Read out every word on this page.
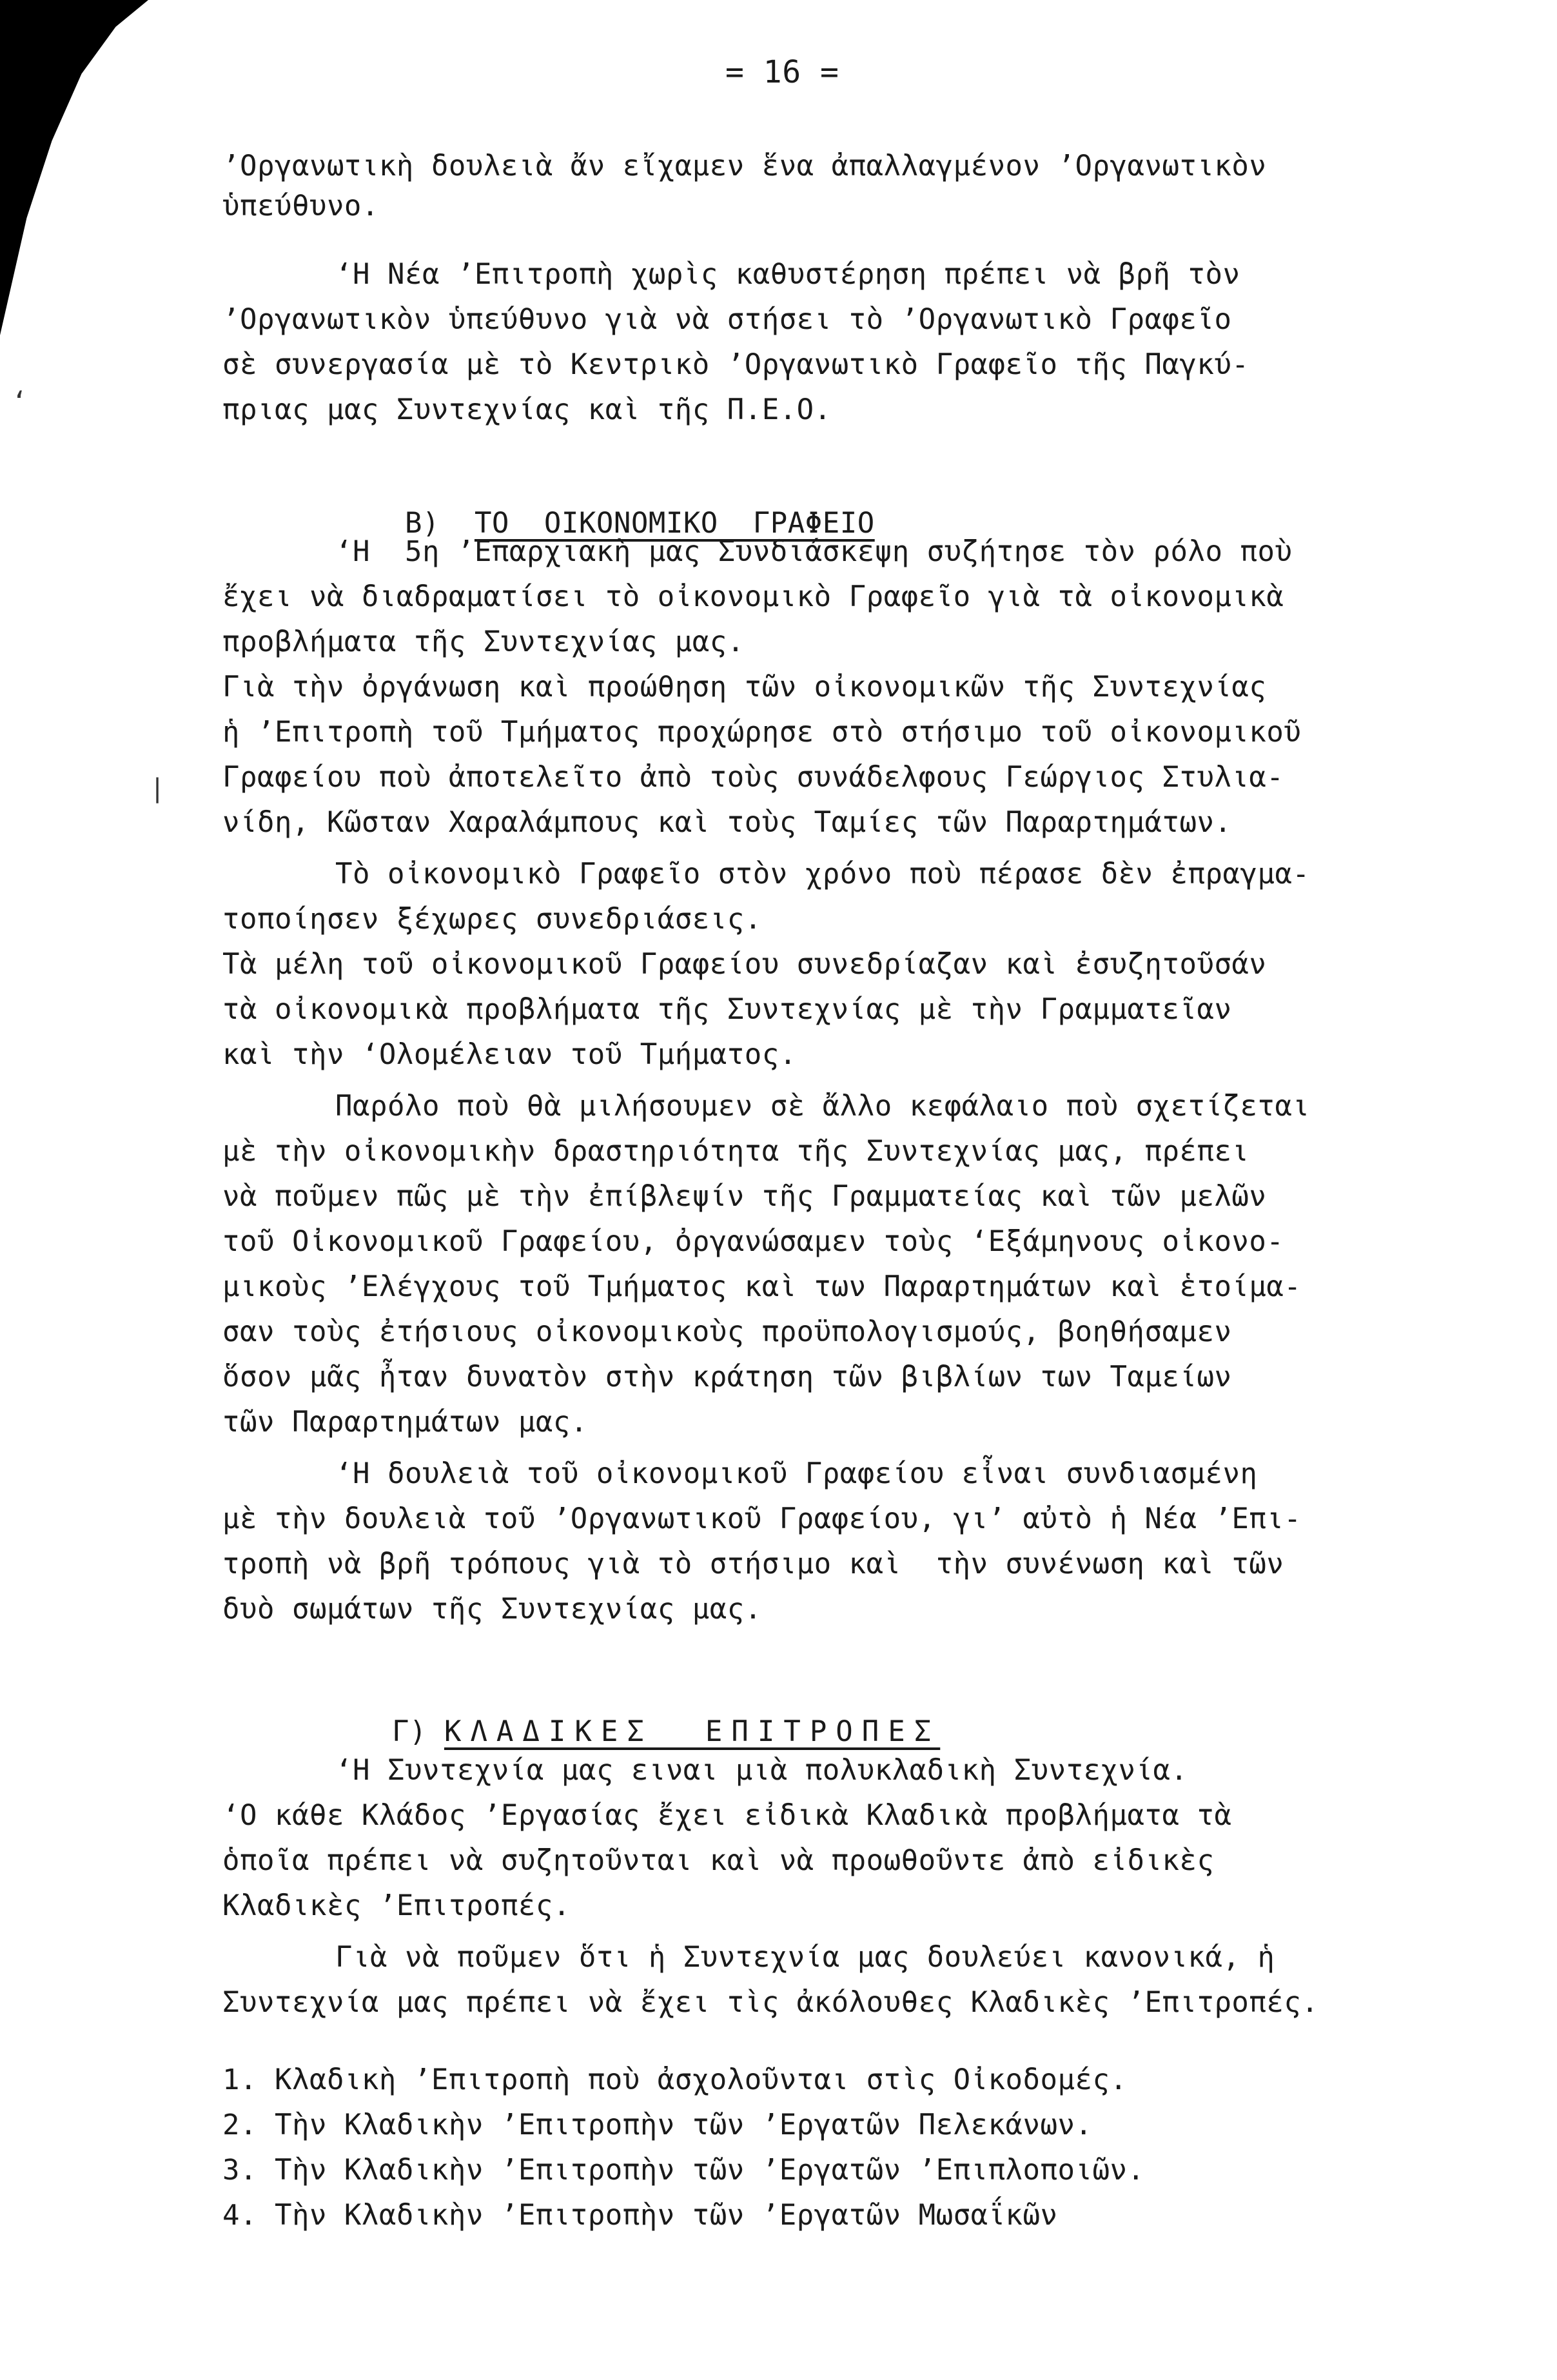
= 16 =
’Οργανωτικὴ δουλειὰ ἄν εἴχαμεν ἕνα ἀπαλλαγμένον ’Οργανωτικὸν
ὑπεύθυνο.
‘Η Νέα ’Επιτροπὴ χωρὶς καθυστέρηση πρέπει νὰ βρῆ τὸν
’Οργανωτικὸν ὑπεύθυνο γιὰ νὰ στήσει τὸ ’Οργανωτικὸ Γραφεῖο
σὲ συνεργασία μὲ τὸ Κεντρικὸ ’Οργανωτικὸ Γραφεῖο τῆς Παγκύ-
πριας μας Συντεχνίας καὶ τῆς Π.Ε.Ο.

Β) ΤΟ  ΟΙΚΟΝΟΜΙΚΟ  ΓΡΑΦΕΙΟ

‘Η  5η ’Επαρχιακὴ μας Συνδιάσκεψη συζήτησε τὸν ρόλο ποὺ
ἔχει νὰ διαδραματίσει τὸ οἰκονομικὸ Γραφεῖο γιὰ τὰ οἰκονομικὰ
προβλήματα τῆς Συντεχνίας μας.
Γιὰ τὴν ὀργάνωση καὶ προώθηση τῶν οἰκονομικῶν τῆς Συντεχνίας
ἡ ’Επιτροπὴ τοῦ Τμήματος προχώρησε στὸ στήσιμο τοῦ οἰκονομικοῦ
Γραφείου ποὺ ἀποτελεῖτο ἀπὸ τοὺς συνάδελφους Γεώργιος Στυλια-
νίδη, Κῶσταν Χαραλάμπους καὶ τοὺς Ταμίες τῶν Παραρτημάτων.
Τὸ οἰκονομικὸ Γραφεῖο στὸν χρόνο ποὺ πέρασε δὲν ἐπραγμα-
τοποίησεν ξέχωρες συνεδριάσεις.
Τὰ μέλη τοῦ οἰκονομικοῦ Γραφείου συνεδρίαζαν καὶ ἐσυζητοῦσάν
τὰ οἰκονομικὰ προβλήματα τῆς Συντεχνίας μὲ τὴν Γραμματεῖαν
καὶ τὴν ‘Ολομέλειαν τοῦ Τμήματος.
Παρόλο ποὺ θὰ μιλήσουμεν σὲ ἄλλο κεφάλαιο ποὺ σχετίζεται
μὲ τὴν οἰκονομικὴν δραστηριότητα τῆς Συντεχνίας μας, πρέπει
νὰ ποῦμεν πῶς μὲ τὴν ἐπίβλεψίν τῆς Γραμματείας καὶ τῶν μελῶν
τοῦ Οἰκονομικοῦ Γραφείου, ὀργανώσαμεν τοὺς ‘Εξάμηνους οἰκονο-
μικοὺς ’Ελέγχους τοῦ Τμήματος καὶ των Παραρτημάτων καὶ ἑτοίμα-
σαν τοὺς ἐτήσιους οἰκονομικοὺς προϋπολογισμούς, βοηθήσαμεν
ὅσον μᾶς ἦταν δυνατὸν στὴν κράτηση τῶν βιβλίων των Ταμείων
τῶν Παραρτημάτων μας.
‘Η δουλειὰ τοῦ οἰκονομικοῦ Γραφείου εἶναι συνδιασμένη
μὲ τὴν δουλειὰ τοῦ ’Οργανωτικοῦ Γραφείου, γι’ αὐτὸ ἡ Νέα ’Επι-
τροπὴ νὰ βρῆ τρόπους γιὰ τὸ στήσιμο καὶ  τὴν συνένωση καὶ τῶν
δυὸ σωμάτων τῆς Συντεχνίας μας.

Γ) ΚΛΑΔΙΚΕΣ  ΕΠΙΤΡΟΠΕΣ

‘Η Συντεχνία μας ειναι μιὰ πολυκλαδικὴ Συντεχνία.
‘Ο κάθε Κλάδος ’Εργασίας ἔχει εἰδικὰ Κλαδικὰ προβλήματα τὰ
ὁποῖα πρέπει νὰ συζητοῦνται καὶ νὰ προωθοῦντε ἀπὸ εἰδικὲς
Κλαδικὲς ’Επιτροπές.
Γιὰ νὰ ποῦμεν ὅτι ἡ Συντεχνία μας δουλεύει κανονικά, ἡ
Συντεχνία μας πρέπει νὰ ἔχει τὶς ἀκόλουθες Κλαδικὲς ’Επιτροπές.
1. Κλαδικὴ ’Επιτροπὴ ποὺ ἀσχολοῦνται στὶς Οἰκοδομές.
2. Τὴν Κλαδικὴν ’Επιτροπὴν τῶν ’Εργατῶν Πελεκάνων.
3. Τὴν Κλαδικὴν ’Επιτροπὴν τῶν ’Εργατῶν ’Επιπλοποιῶν.
4. Τὴν Κλαδικὴν ’Επιτροπὴν τῶν ’Εργατῶν Μωσαΐκῶν
|
‘
